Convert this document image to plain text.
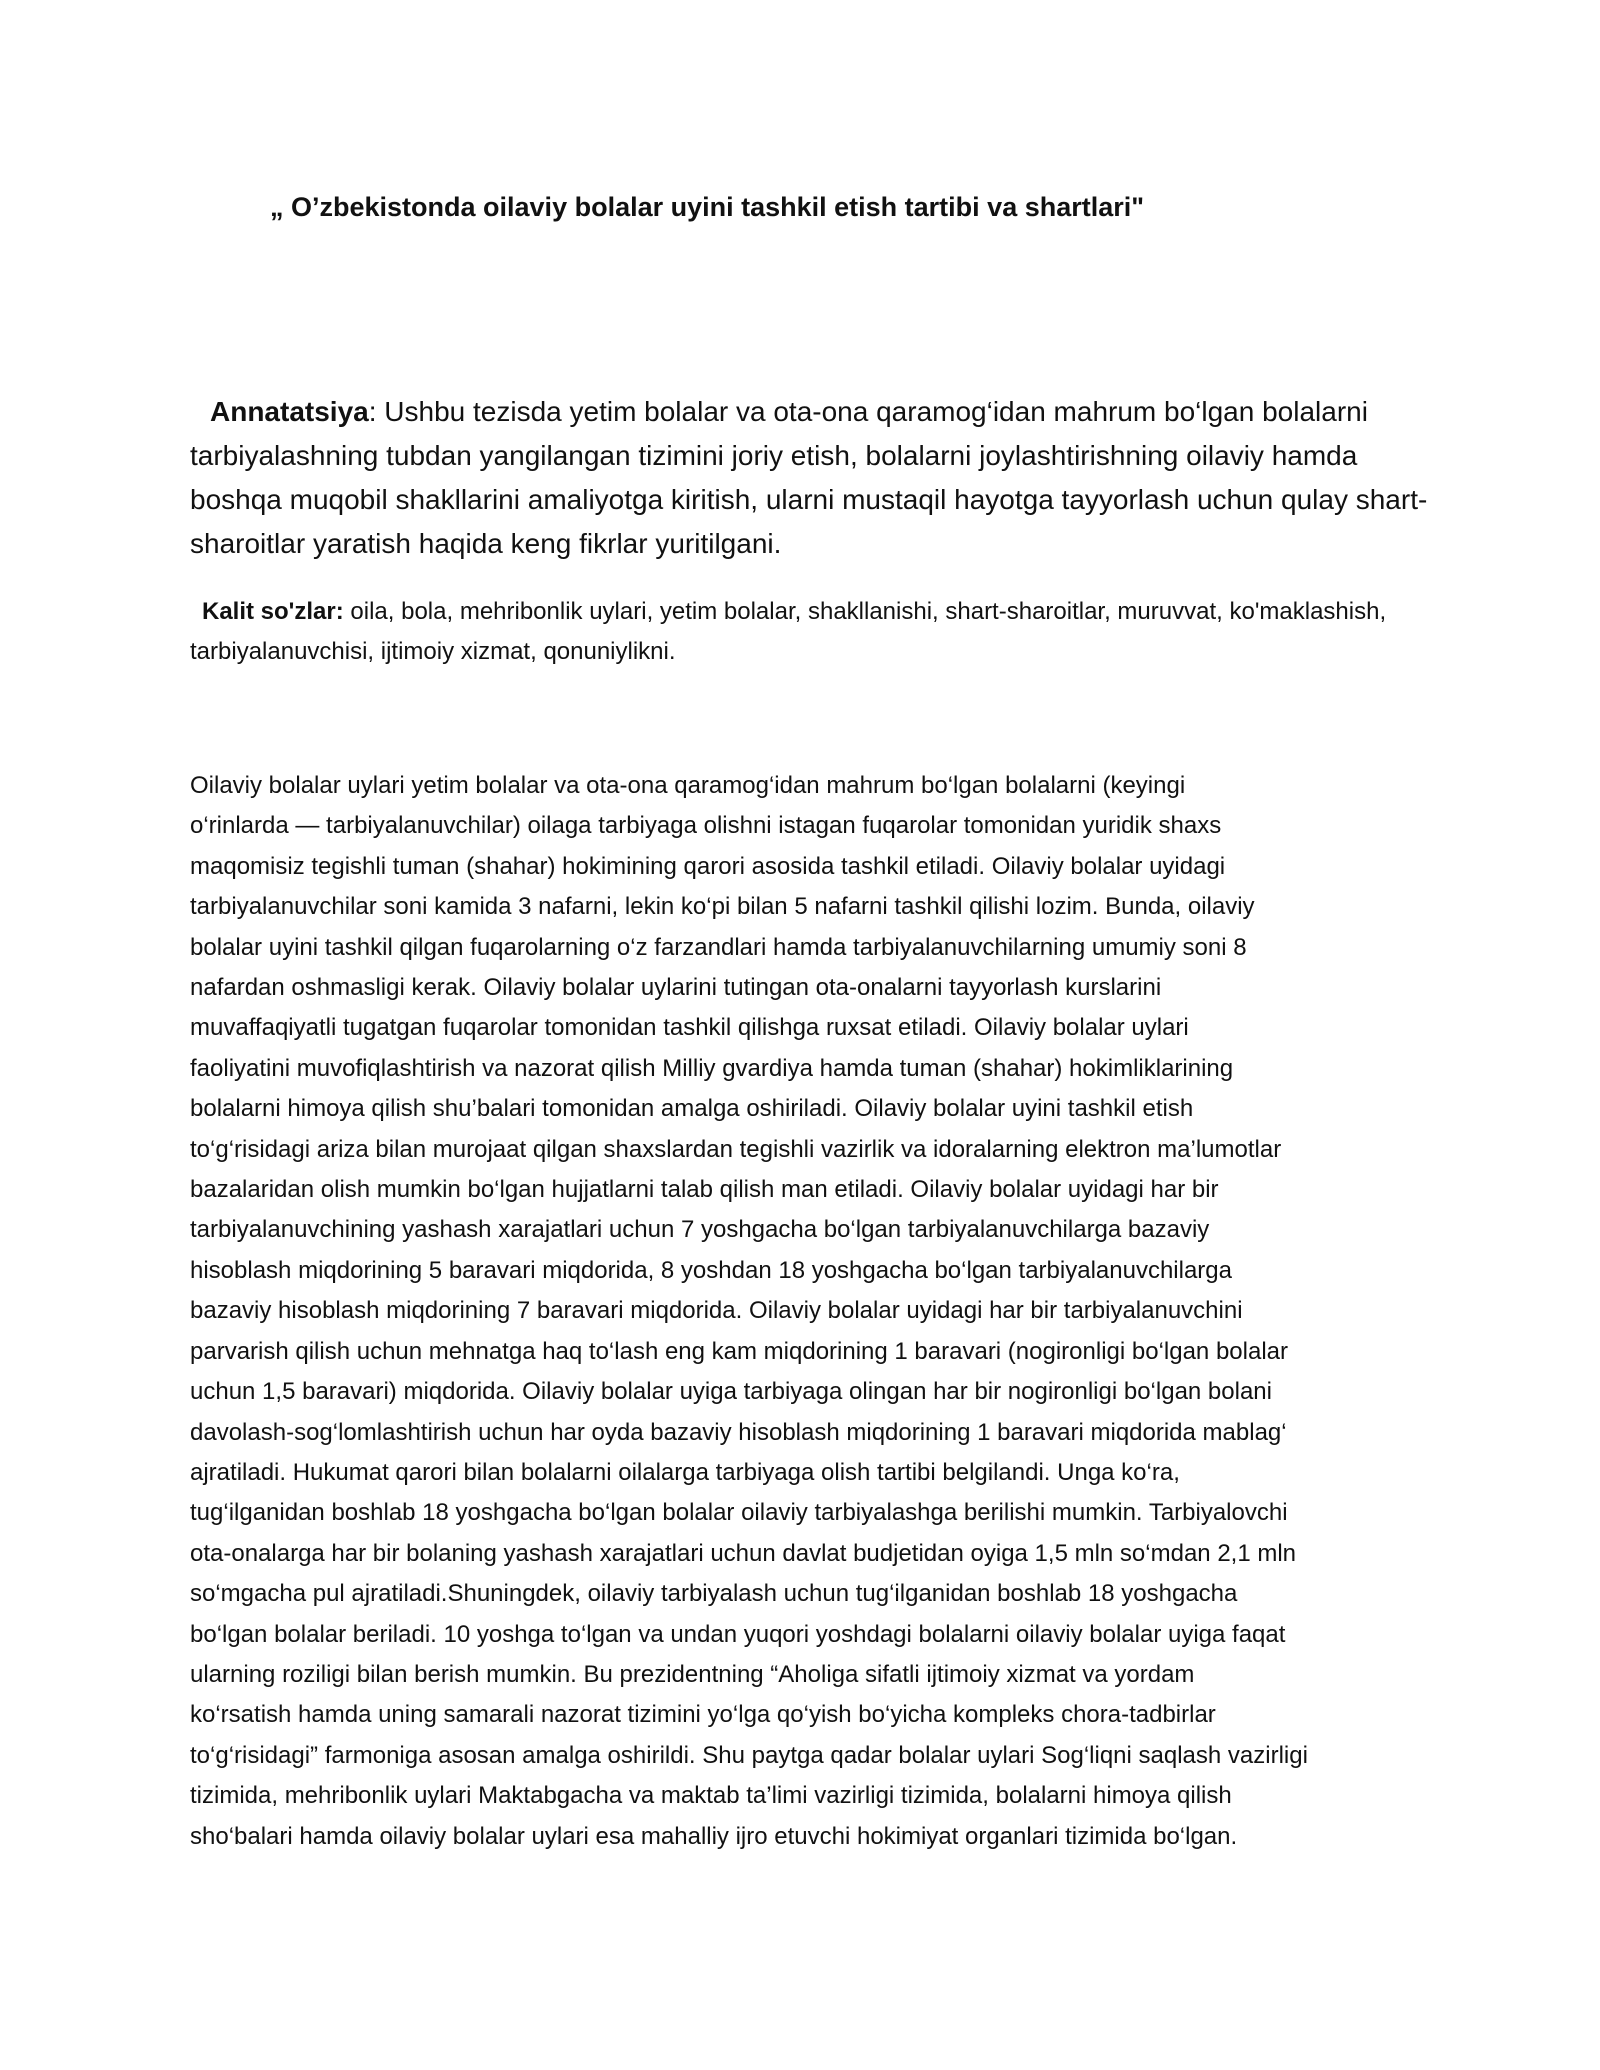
„ O’zbekistonda oilaviy bolalar uyini tashkil etish tartibi va shartlari"

Annatatsiya: Ushbu tezisda yetim bolalar va ota-ona qaramog‘idan mahrum bo‘lgan bolalarni tarbiyalashning tubdan yangilangan tizimini joriy etish, bolalarni joylashtirishning oilaviy hamda boshqa muqobil shakllarini amaliyotga kiritish, ularni mustaqil hayotga tayyorlash uchun qulay shart-sharoitlar yaratish haqida keng fikrlar yuritilgani.

Kalit so'zlar: oila, bola, mehribonlik uylari, yetim bolalar, shakllanishi, shart-sharoitlar, muruvvat, ko'maklashish, tarbiyalanuvchisi, ijtimoiy xizmat, qonuniylikni.

Oilaviy bolalar uylari yetim bolalar va ota-ona qaramog‘idan mahrum bo‘lgan bolalarni (keyingi
o‘rinlarda — tarbiyalanuvchilar) oilaga tarbiyaga olishni istagan fuqarolar tomonidan yuridik shaxs
maqomisiz tegishli tuman (shahar) hokimining qarori asosida tashkil etiladi. Oilaviy bolalar uyidagi
tarbiyalanuvchilar soni kamida 3 nafarni, lekin ko‘pi bilan 5 nafarni tashkil qilishi lozim. Bunda, oilaviy
bolalar uyini tashkil qilgan fuqarolarning o‘z farzandlari hamda tarbiyalanuvchilarning umumiy soni 8
nafardan oshmasligi kerak. Oilaviy bolalar uylarini tutingan ota-onalarni tayyorlash kurslarini
muvaffaqiyatli tugatgan fuqarolar tomonidan tashkil qilishga ruxsat etiladi. Oilaviy bolalar uylari
faoliyatini muvofiqlashtirish va nazorat qilish Milliy gvardiya hamda tuman (shahar) hokimliklarining
bolalarni himoya qilish shu’balari tomonidan amalga oshiriladi. Oilaviy bolalar uyini tashkil etish
to‘g‘risidagi ariza bilan murojaat qilgan shaxslardan tegishli vazirlik va idoralarning elektron ma’lumotlar
bazalaridan olish mumkin bo‘lgan hujjatlarni talab qilish man etiladi. Oilaviy bolalar uyidagi har bir
tarbiyalanuvchining yashash xarajatlari uchun 7 yoshgacha bo‘lgan tarbiyalanuvchilarga bazaviy
hisoblash miqdorining 5 baravari miqdorida, 8 yoshdan 18 yoshgacha bo‘lgan tarbiyalanuvchilarga
bazaviy hisoblash miqdorining 7 baravari miqdorida. Oilaviy bolalar uyidagi har bir tarbiyalanuvchini
parvarish qilish uchun mehnatga haq to‘lash eng kam miqdorining 1 baravari (nogironligi bo‘lgan bolalar
uchun 1,5 baravari) miqdorida. Oilaviy bolalar uyiga tarbiyaga olingan har bir nogironligi bo‘lgan bolani
davolash-sog‘lomlashtirish uchun har oyda bazaviy hisoblash miqdorining 1 baravari miqdorida mablag‘
ajratiladi. Hukumat qarori bilan bolalarni oilalarga tarbiyaga olish tartibi belgilandi. Unga ko‘ra,
tug‘ilganidan boshlab 18 yoshgacha bo‘lgan bolalar oilaviy tarbiyalashga berilishi mumkin. Tarbiyalovchi
ota-onalarga har bir bolaning yashash xarajatlari uchun davlat budjetidan oyiga 1,5 mln so‘mdan 2,1 mln
so‘mgacha pul ajratiladi.Shuningdek, oilaviy tarbiyalash uchun tug‘ilganidan boshlab 18 yoshgacha
bo‘lgan bolalar beriladi. 10 yoshga to‘lgan va undan yuqori yoshdagi bolalarni oilaviy bolalar uyiga faqat
ularning roziligi bilan berish mumkin. Bu prezidentning “Aholiga sifatli ijtimoiy xizmat va yordam
ko‘rsatish hamda uning samarali nazorat tizimini yo‘lga qo‘yish bo‘yicha kompleks chora-tadbirlar
to‘g‘risidagi” farmoniga asosan amalga oshirildi. Shu paytga qadar bolalar uylari Sog‘liqni saqlash vazirligi
tizimida, mehribonlik uylari Maktabgacha va maktab ta’limi vazirligi tizimida, bolalarni himoya qilish
sho‘balari hamda oilaviy bolalar uylari esa mahalliy ijro etuvchi hokimiyat organlari tizimida bo‘lgan.
